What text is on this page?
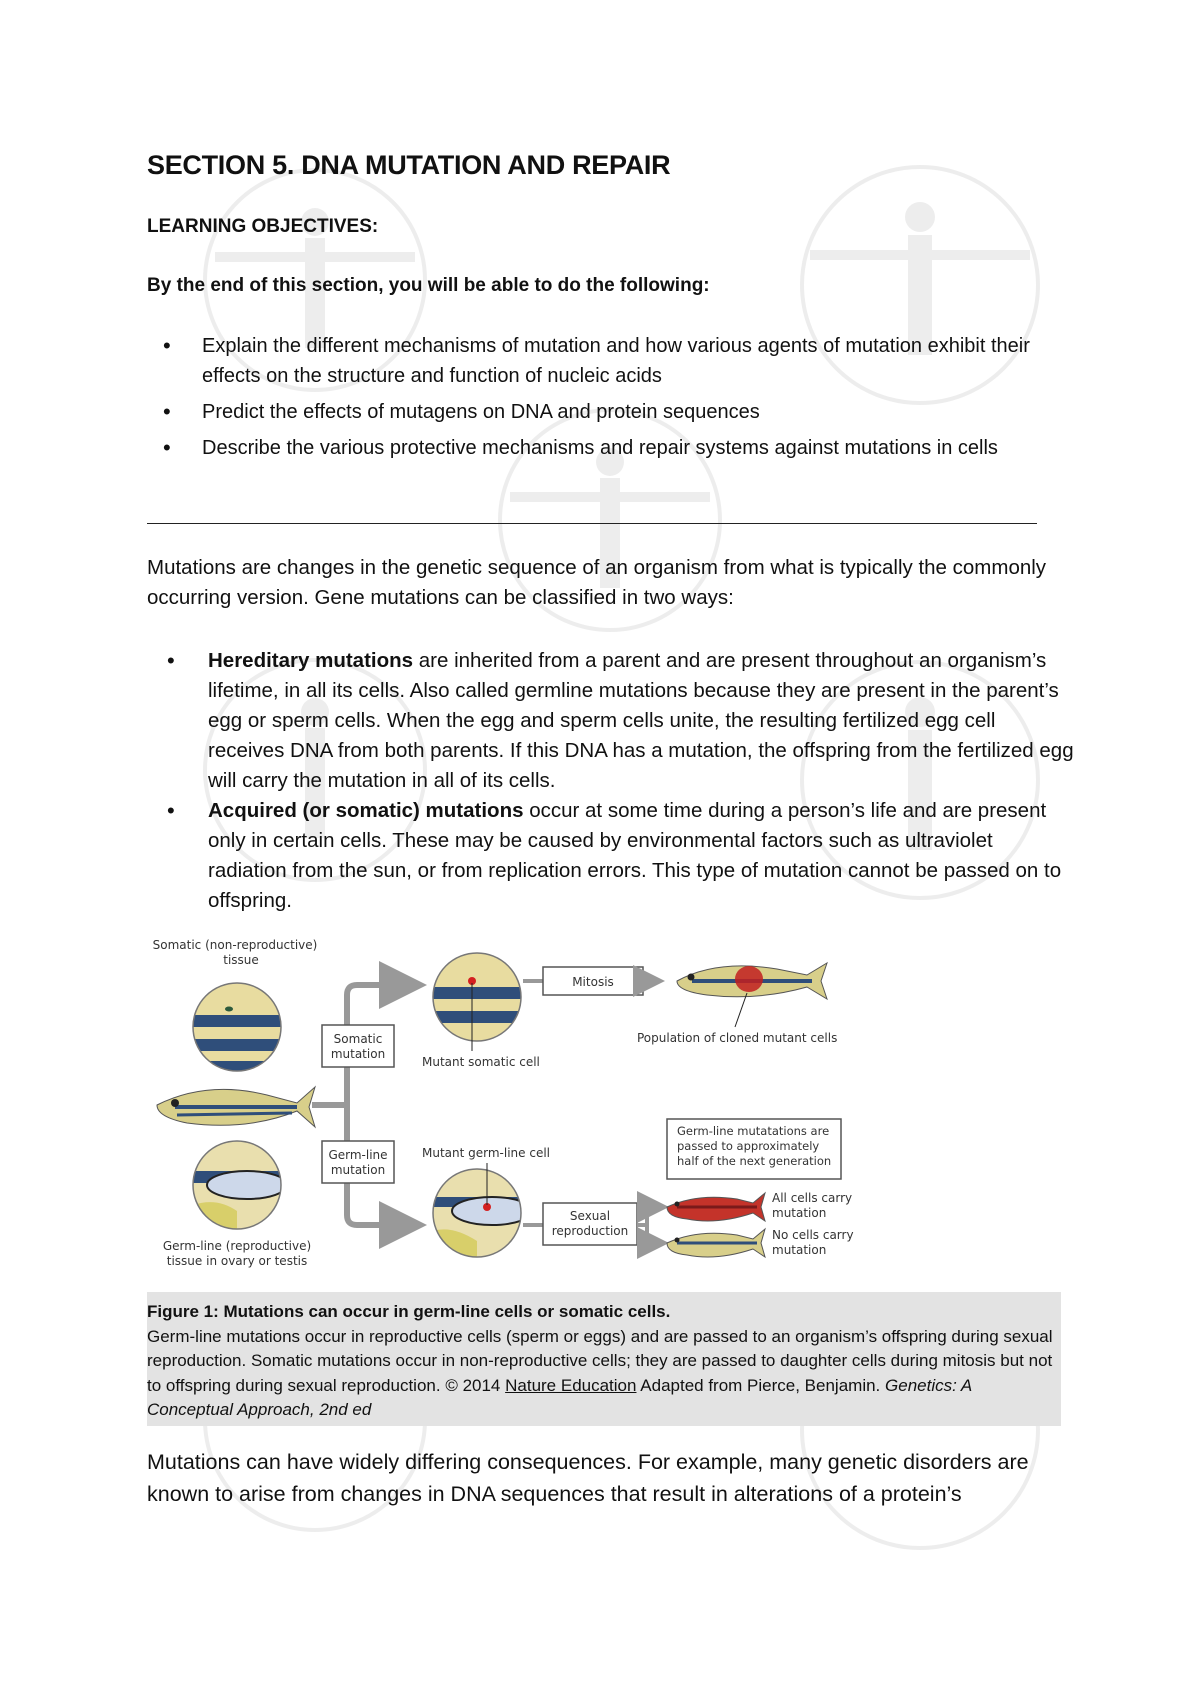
SECTION 5. DNA MUTATION AND REPAIR
LEARNING OBJECTIVES:
By the end of this section, you will be able to do the following:
• Explain the different mechanisms of mutation and how various agents of mutation exhibit their effects on the structure and function of nucleic acids
• Predict the effects of mutagens on DNA and protein sequences
• Describe the various protective mechanisms and repair systems against mutations in cells

Mutations are changes in the genetic sequence of an organism from what is typically the commonly occurring version. Gene mutations can be classified in two ways:

• Hereditary mutations are inherited from a parent and are present throughout an organism’s lifetime, in all its cells. Also called germline mutations because they are present in the parent’s egg or sperm cells. When the egg and sperm cells unite, the resulting fertilized egg cell receives DNA from both parents. If this DNA has a mutation, the offspring from the fertilized egg will carry the mutation in all of its cells.
• Acquired (or somatic) mutations occur at some time during a person’s life and are present only in certain cells. These may be caused by environmental factors such as ultraviolet radiation from the sun, or from replication errors. This type of mutation cannot be passed on to offspring.
Somatic (non-reproductive)
tissue
Germ-line (reproductive)
tissue in ovary or testis
Somatic
mutation
Germ-line
mutation
Mutant somatic cell
Mitosis
Population of cloned mutant cells
Mutant germ-line cell
Sexual
reproduction
Germ-line mutatations are
passed to approximately
half of the next generation
All cells carry
mutation
No cells carry
mutation
Figure 1: Mutations can occur in germ-line cells or somatic cells.
Germ-line mutations occur in reproductive cells (sperm or eggs) and are passed to an organism’s offspring during sexual reproduction. Somatic mutations occur in non-reproductive cells; they are passed to daughter cells during mitosis but not to offspring during sexual reproduction. © 2014 Nature Education Adapted from Pierce, Benjamin. Genetics: A Conceptual Approach, 2nd ed

Mutations can have widely differing consequences. For example, many genetic disorders are known to arise from changes in DNA sequences that result in alterations of a protein’s
